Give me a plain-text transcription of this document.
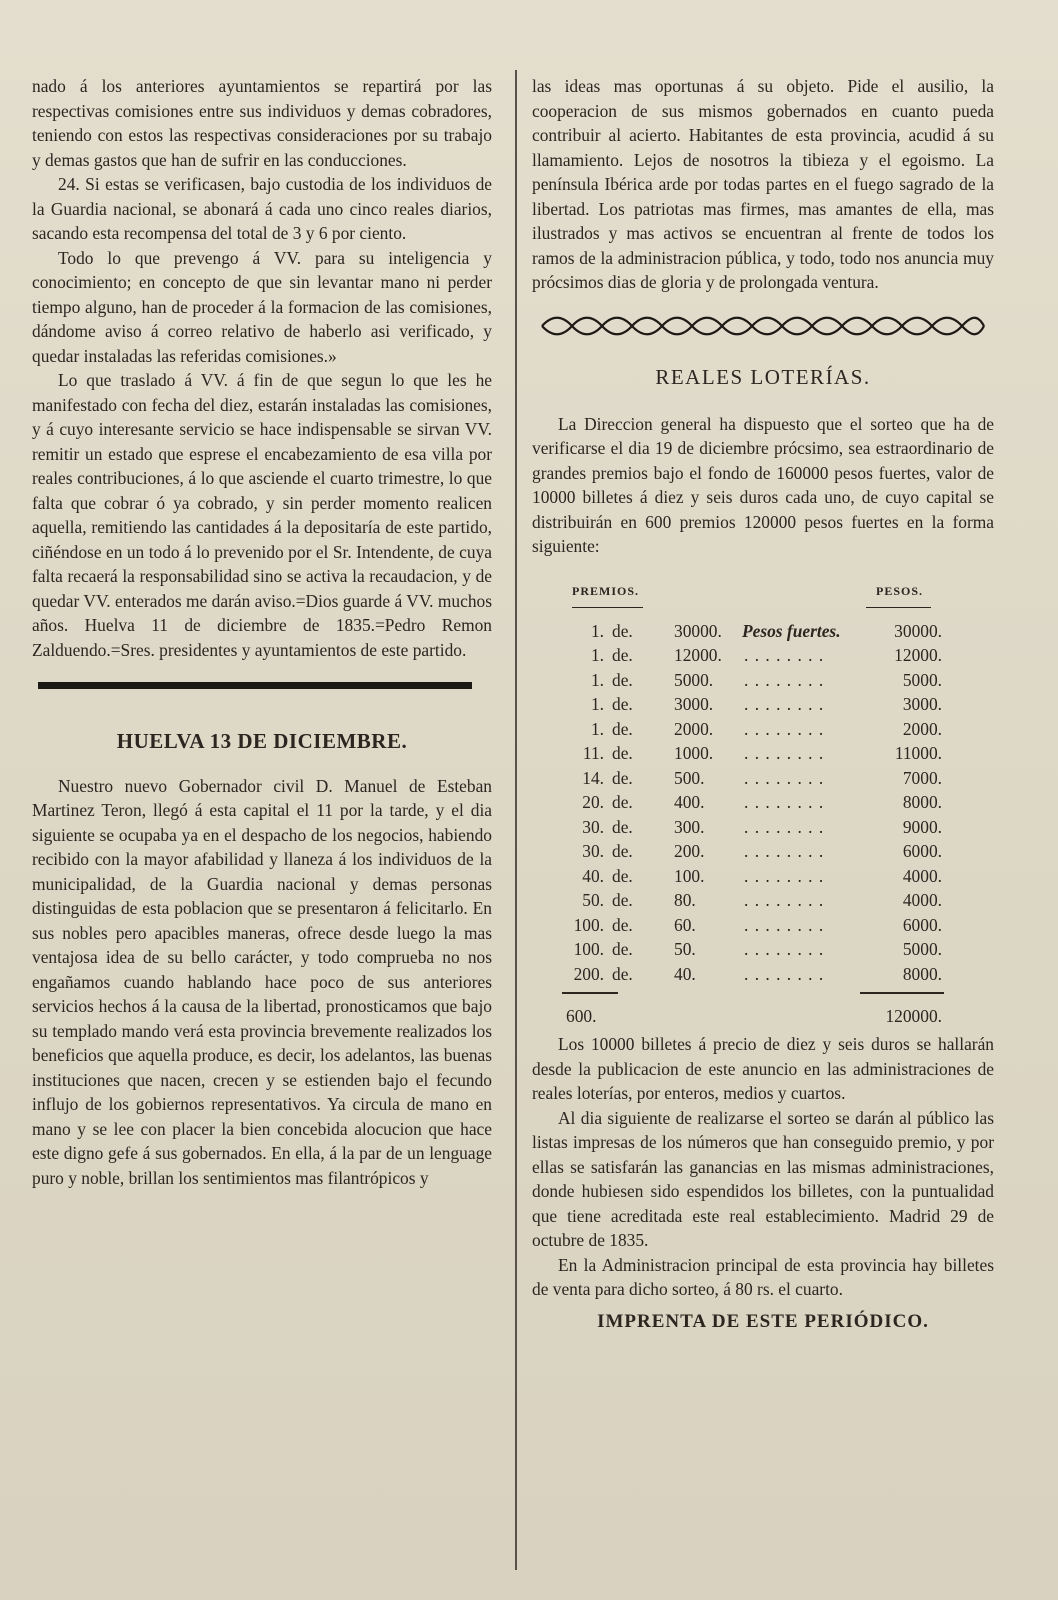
nado á los anteriores ayuntamientos se repartirá por las respectivas comisiones entre sus individuos y demas cobradores, teniendo con estos las respectivas consideraciones por su trabajo y demas gastos que han de sufrir en las conducciones.

24. Si estas se verificasen, bajo custodia de los individuos de la Guardia nacional, se abonará á cada uno cinco reales diarios, sacando esta recompensa del total de 3 y 6 por ciento.

Todo lo que prevengo á VV. para su inteligencia y conocimiento; en concepto de que sin levantar mano ni perder tiempo alguno, han de proceder á la formacion de las comisiones, dándome aviso á correo relativo de haberlo asi verificado, y quedar instaladas las referidas comisiones.»

Lo que traslado á VV. á fin de que segun lo que les he manifestado con fecha del diez, estarán instaladas las comisiones, y á cuyo interesante servicio se hace indispensable se sirvan VV. remitir un estado que esprese el encabezamiento de esa villa por reales contribuciones, á lo que asciende el cuarto trimestre, lo que falta que cobrar ó ya cobrado, y sin perder momento realicen aquella, remitiendo las cantidades á la depositaría de este partido, ciñéndose en un todo á lo prevenido por el Sr. Intendente, de cuya falta recaerá la responsabilidad sino se activa la recaudacion, y de quedar VV. enterados me darán aviso.=Dios guarde á VV. muchos años. Huelva 11 de diciembre de 1835.=Pedro Remon Zalduendo.=Sres. presidentes y ayuntamientos de este partido.

HUELVA 13 DE DICIEMBRE.

Nuestro nuevo Gobernador civil D. Manuel de Esteban Martinez Teron, llegó á esta capital el 11 por la tarde, y el dia siguiente se ocupaba ya en el despacho de los negocios, habiendo recibido con la mayor afabilidad y llaneza á los individuos de la municipalidad, de la Guardia nacional y demas personas distinguidas de esta poblacion que se presentaron á felicitarlo. En sus nobles pero apacibles maneras, ofrece desde luego la mas ventajosa idea de su bello carácter, y todo comprueba no nos engañamos cuando hablando hace poco de sus anteriores servicios hechos á la causa de la libertad, pronosticamos que bajo su templado mando verá esta provincia brevemente realizados los beneficios que aquella produce, es decir, los adelantos, las buenas instituciones que nacen, crecen y se estienden bajo el fecundo influjo de los gobiernos representativos. Ya circula de mano en mano y se lee con placer la bien concebida alocucion que hace este digno gefe á sus gobernados. En ella, á la par de un lenguage puro y noble, brillan los sentimientos mas filantrópicos y

las ideas mas oportunas á su objeto. Pide el ausilio, la cooperacion de sus mismos gobernados en cuanto pueda contribuir al acierto. Habitantes de esta provincia, acudid á su llamamiento. Lejos de nosotros la tibieza y el egoismo. La península Ibérica arde por todas partes en el fuego sagrado de la libertad. Los patriotas mas firmes, mas amantes de ella, mas ilustrados y mas activos se encuentran al frente de todos los ramos de la administracion pública, y todo, todo nos anuncia muy prócsimos dias de gloria y de prolongada ventura.

REALES LOTERÍAS.

La Direccion general ha dispuesto que el sorteo que ha de verificarse el dia 19 de diciembre prócsimo, sea estraordinario de grandes premios bajo el fondo de 160000 pesos fuertes, valor de 10000 billetes á diez y seis duros cada uno, de cuyo capital se distribuirán en 600 premios 120000 pesos fuertes en la forma siguiente:

PREMIOS.	PESOS.
1. de. 30000. Pesos fuertes.	30000.
1. de. 12000. . . . . . . . .	12000.
1. de. 5000. . . . . . . . .	5000.
1. de. 3000. . . . . . . . .	3000.
1. de. 2000. . . . . . . . .	2000.
11. de. 1000. . . . . . . . .	11000.
14. de. 500. . . . . . . . .	7000.
20. de. 400. . . . . . . . .	8000.
30. de. 300. . . . . . . . .	9000.
30. de. 200. . . . . . . . .	6000.
40. de. 100. . . . . . . . .	4000.
50. de. 80.	. . . . . . . .	4000.
100. de. 60.	. . . . . . . .	6000.
100. de. 50.	. . . . . . . .	5000.
200. de. 40.	. . . . . . . .	8000.
600.	120000.

Los 10000 billetes á precio de diez y seis duros se hallarán desde la publicacion de este anuncio en las administraciones de reales loterías, por enteros, medios y cuartos.

Al dia siguiente de realizarse el sorteo se darán al público las listas impresas de los números que han conseguido premio, y por ellas se satisfarán las ganancias en las mismas administraciones, donde hubiesen sido espendidos los billetes, con la puntualidad que tiene acreditada este real establecimiento. Madrid 29 de octubre de 1835.

En la Administracion principal de esta provincia hay billetes de venta para dicho sorteo, á 80 rs. el cuarto.

IMPRENTA DE ESTE PERIÓDICO.
